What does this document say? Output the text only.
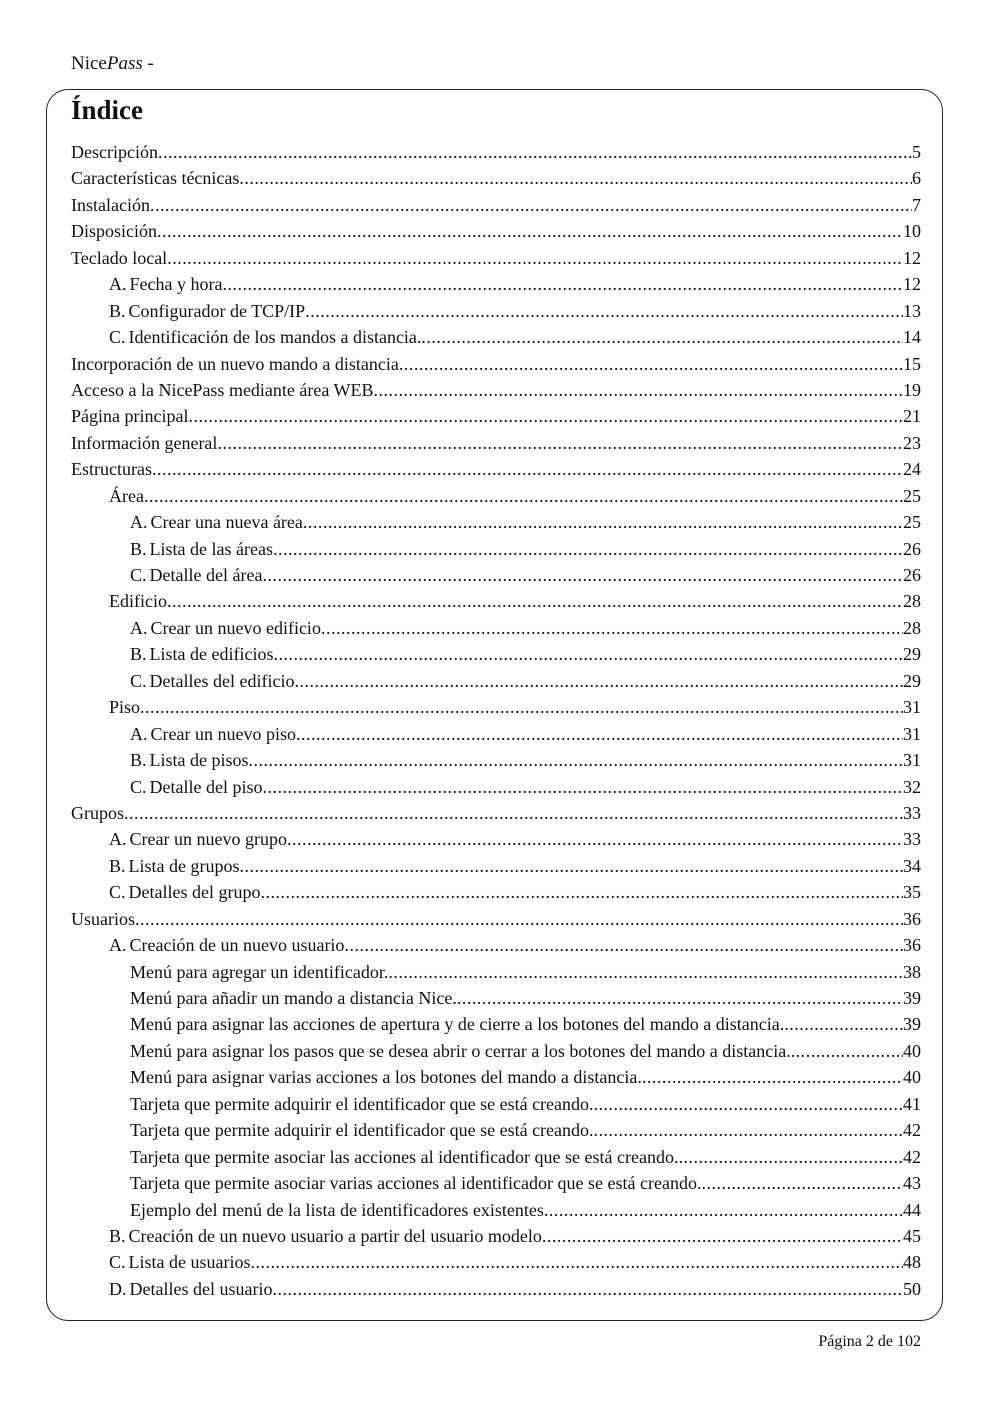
NicePass -
Índice
Descripción .....	5
Características técnicas .....	6
Instalación .....	7
Disposición .....	10
Teclado local .....	12
A. Fecha y hora .....	12
B. Configurador de TCP/IP .....	13
C. Identificación de los mandos a distancia. .....	14
Incorporación de un nuevo mando a distancia .....	15
Acceso a la NicePass mediante área WEB .....	19
Página principal .....	21
Información general .....	23
Estructuras .....	24
Área .....	25
A. Crear una nueva área .....	25
B. Lista de las áreas .....	26
C. Detalle del área .....	26
Edificio .....	28
A. Crear un nuevo edificio .....	28
B. Lista de edificios .....	29
C. Detalles del edificio .....	29
Piso .....	31
A. Crear un nuevo piso .....	31
B. Lista de pisos .....	31
C. Detalle del piso .....	32
Grupos .....	33
A. Crear un nuevo grupo .....	33
B. Lista de grupos .....	34
C. Detalles del grupo .....	35
Usuarios .....	36
A. Creación de un nuevo usuario .....	36
Menú para agregar un identificador. .....	38
Menú para añadir un mando a distancia Nice. .....	39
Menú para asignar las acciones de apertura y de cierre a los botones del mando a distancia. .....	39
Menú para asignar los pasos que se desea abrir o cerrar a los botones del mando a distancia. .....	40
Menú para asignar varias acciones a los botones del mando a distancia. .....	40
Tarjeta que permite adquirir el identificador que se está creando. .....	41
Tarjeta que permite adquirir el identificador que se está creando. .....	42
Tarjeta que permite asociar las acciones al identificador que se está creando. .....	42
Tarjeta que permite asociar varias acciones al identificador que se está creando. .....	43
Ejemplo del menú de la lista de identificadores existentes .....	44
B. Creación de un nuevo usuario a partir del usuario modelo .....	45
C. Lista de usuarios .....	48
D. Detalles del usuario .....	50
Página 2 de 102
